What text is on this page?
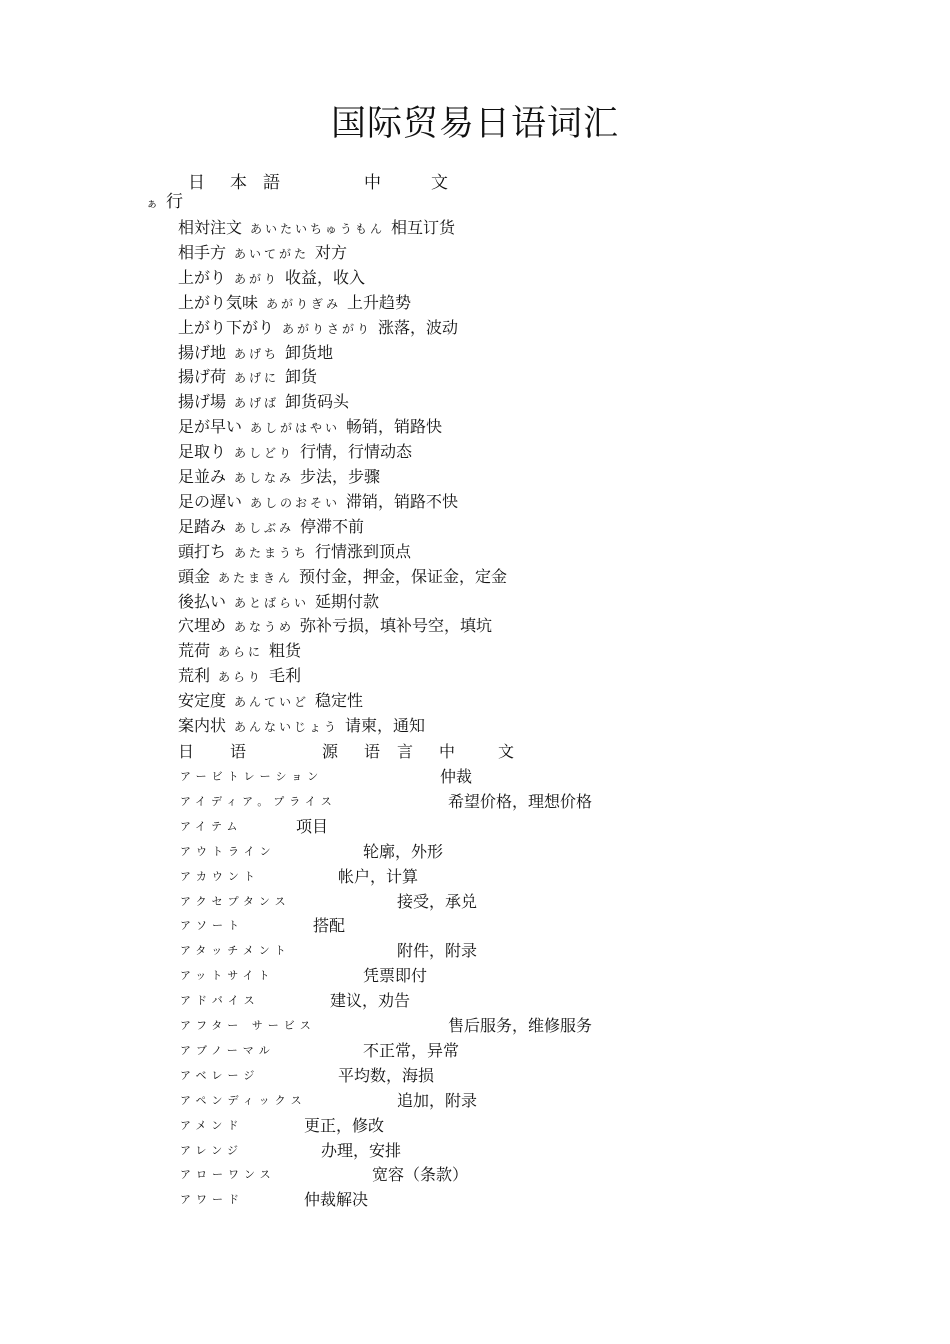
国际贸易日语词汇
日 本 語	中	文
ぁ 行
相対注文 あいたいちゅうもん 相互订货
相手方 あいてがた 对方
上がり あがり 收益，收入
上がり気味 あがりぎみ 上升趋势
上がり下がり あがりさがり 涨落，波动
揚げ地 あげち 卸货地
揚げ荷 あげに 卸货
揚げ場 あげば 卸货码头
足が早い あしがはやい 畅销，销路快
足取り あしどり 行情，行情动态
足並み あしなみ 步法，步骤
足の遅い あしのおそい 滞销，销路不快
足踏み あしぶみ 停滞不前
頭打ち あたまうち 行情涨到顶点
頭金 あたまきん 预付金，押金，保证金，定金
後払い あとばらい 延期付款
穴埋め あなうめ 弥补亏损，填补号空，填坑
荒荷 あらに 粗货
荒利 あらり 毛利
安定度 あんていど 稳定性
案内状 あんないじょう 请柬，通知
日 语	源 语 言 中	文
アービトレーション	仲裁
アイディア。プライス	希望价格，理想价格
アイテム	项目
アウトライン	轮廓，外形
アカウント	帐户，计算
アクセプタンス	接受，承兑
アソート	搭配
アタッチメント	附件，附录
アットサイト	凭票即付
アドバイス	建议，劝告
アフター サービス	售后服务，维修服务
アブノーマル	不正常，异常
アベレージ	平均数，海损
アペンディックス	追加，附录
アメンド	更正，修改
アレンジ	办理，安排
アローワンス	宽容（条款）
アワード	仲裁解决
